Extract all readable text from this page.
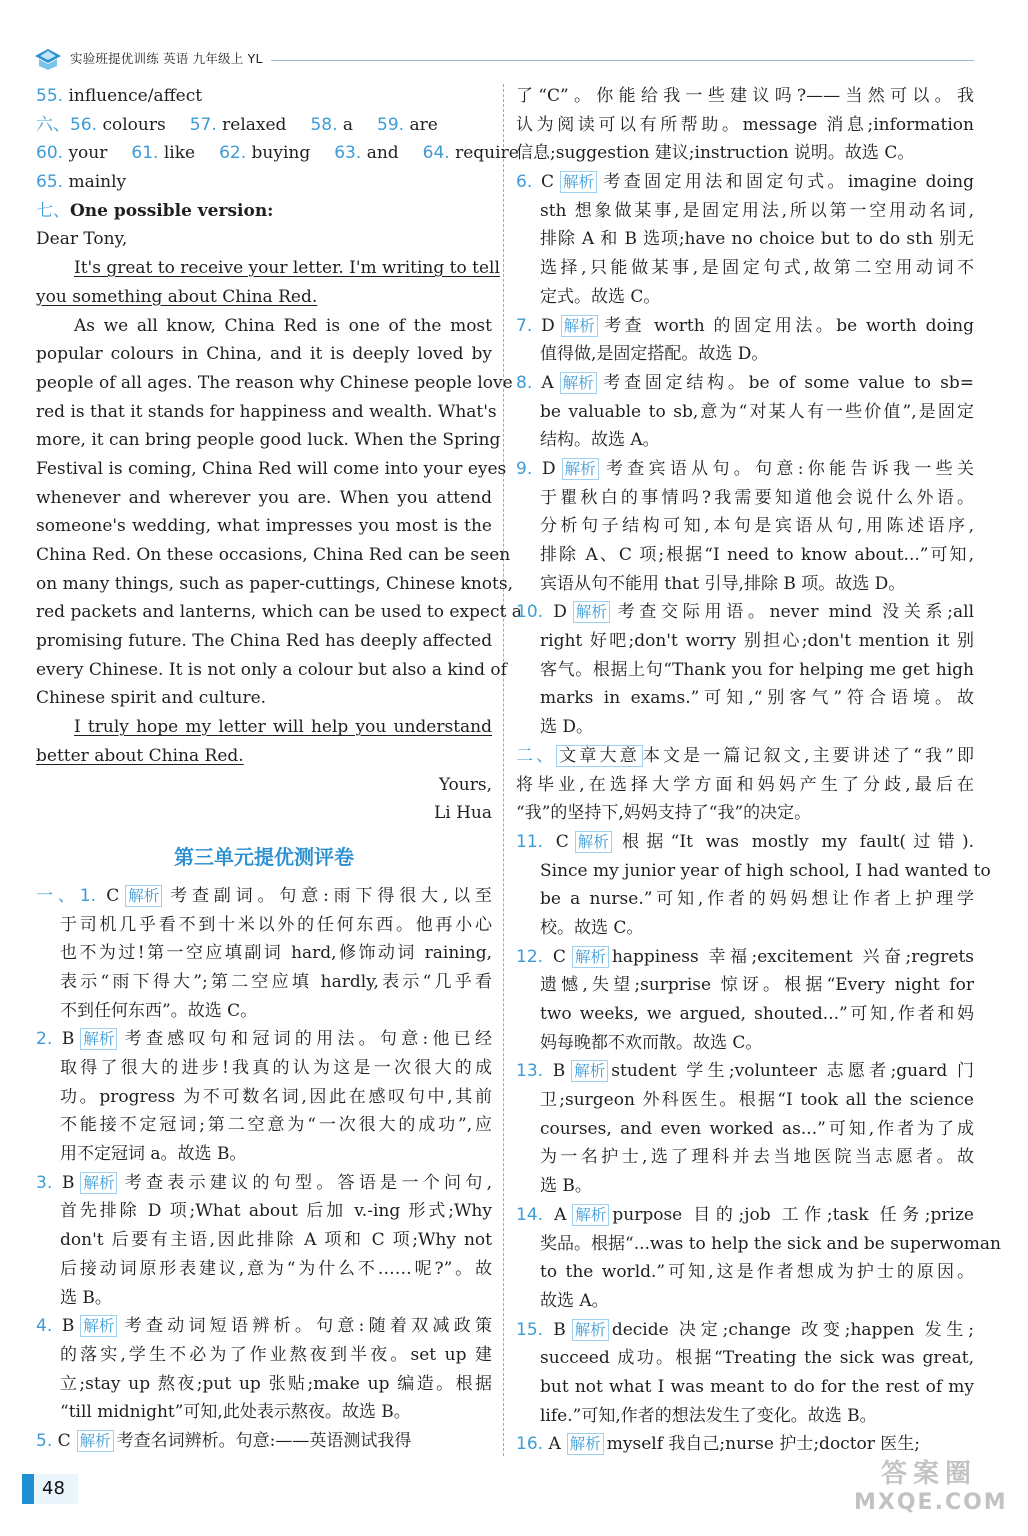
实验班提优训练 英语 九年级上 YL
55. influence/affect
六、56. colours 57. relaxed 58. a 59. are
60. your 61. like 62. buying 63. and 64. require
65. mainly
七、One possible version:
Dear Tony,
It's great to receive your letter. I'm writing to tell
you something about China Red.
As we all know, China Red is one of the most
popular colours in China, and it is deeply loved by
people of all ages. The reason why Chinese people love
red is that it stands for happiness and wealth. What's
more, it can bring people good luck. When the Spring
Festival is coming, China Red will come into your eyes
whenever and wherever you are. When you attend
someone's wedding, what impresses you most is the
China Red. On these occasions, China Red can be seen
on many things, such as paper-cuttings, Chinese knots,
red packets and lanterns, which can be used to expect a
promising future. The China Red has deeply affected
every Chinese. It is not only a colour but also a kind of
Chinese spirit and culture.
I truly hope my letter will help you understand
better about China Red.
Yours,
Li Hua
第三单元提优测评卷
一、1. C 解析 考查副词。句意:雨下得很大,以至
于司机几乎看不到十米以外的任何东西。他再小心
也不为过!第一空应填副词 hard,修饰动词 raining,
表示“雨下得大”;第二空应填 hardly,表示“几乎看
不到任何东西”。故选 C。
2. B 解析 考查感叹句和冠词的用法。句意:他已经
取得了很大的进步!我真的认为这是一次很大的成
功。progress 为不可数名词,因此在感叹句中,其前
不能接不定冠词;第二空意为“一次很大的成功”,应
用不定冠词 a。故选 B。
3. B 解析 考查表示建议的句型。答语是一个问句,
首先排除 D 项;What about 后加 v.-ing 形式;Why
don't 后要有主语,因此排除 A 项和 C 项;Why not
后接动词原形表建议,意为“为什么不……呢?”。故
选 B。
4. B 解析 考查动词短语辨析。句意:随着双减政策
的落实,学生不必为了作业熬夜到半夜。set up 建
立;stay up 熬夜;put up 张贴;make up 编造。根据
“till midnight”可知,此处表示熬夜。故选 B。
5. C 解析 考查名词辨析。句意:——英语测试我得
了“C”。你能给我一些建议吗?——当然可以。我
认为阅读可以有所帮助。message 消息;information
信息;suggestion 建议;instruction 说明。故选 C。
6. C 解析 考查固定用法和固定句式。imagine doing
sth 想象做某事,是固定用法,所以第一空用动名词,
排除 A 和 B 选项;have no choice but to do sth 别无
选择,只能做某事,是固定句式,故第二空用动词不
定式。故选 C。
7. D 解析 考查 worth 的固定用法。be worth doing
值得做,是固定搭配。故选 D。
8. A 解析 考查固定结构。be of some value to sb=
be valuable to sb,意为“对某人有一些价值”,是固定
结构。故选 A。
9. D 解析 考查宾语从句。句意:你能告诉我一些关
于瞿秋白的事情吗?我需要知道他会说什么外语。
分析句子结构可知,本句是宾语从句,用陈述语序,
排除 A、C 项;根据“I need to know about...”可知,
宾语从句不能用 that 引导,排除 B 项。故选 D。
10. D 解析 考查交际用语。never mind 没关系;all
right 好吧;don't worry 别担心;don't mention it 别
客气。根据上句“Thank you for helping me get high
marks in exams.”可知,“别客气”符合语境。故
选 D。
二、 文章大意 本文是一篇记叙文,主要讲述了“我”即
将毕业,在选择大学方面和妈妈产生了分歧,最后在
“我”的坚持下,妈妈支持了“我”的决定。
11. C 解析 根据“It was mostly my fault(过错).
Since my junior year of high school, I had wanted to
be a nurse.”可知,作者的妈妈想让作者上护理学
校。故选 C。
12. C 解析 happiness 幸福;excitement 兴奋;regrets
遗憾,失望;surprise 惊讶。根据“Every night for
two weeks, we argued, shouted...”可知,作者和妈
妈每晚都不欢而散。故选 C。
13. B 解析 student 学生;volunteer 志愿者;guard 门
卫;surgeon 外科医生。根据“I took all the science
courses, and even worked as...”可知,作者为了成
为一名护士,选了理科并去当地医院当志愿者。故
选 B。
14. A 解析 purpose 目的;job 工作;task 任务;prize
奖品。根据“...was to help the sick and be superwoman
to the world.”可知,这是作者想成为护士的原因。
故选 A。
15. B 解析 decide 决定;change 改变;happen 发生;
succeed 成功。根据“Treating the sick was great,
but not what I was meant to do for the rest of my
life.”可知,作者的想法发生了变化。故选 B。
16. A 解析 myself 我自己;nurse 护士;doctor 医生;
48	答案圈
MXQE.COM
